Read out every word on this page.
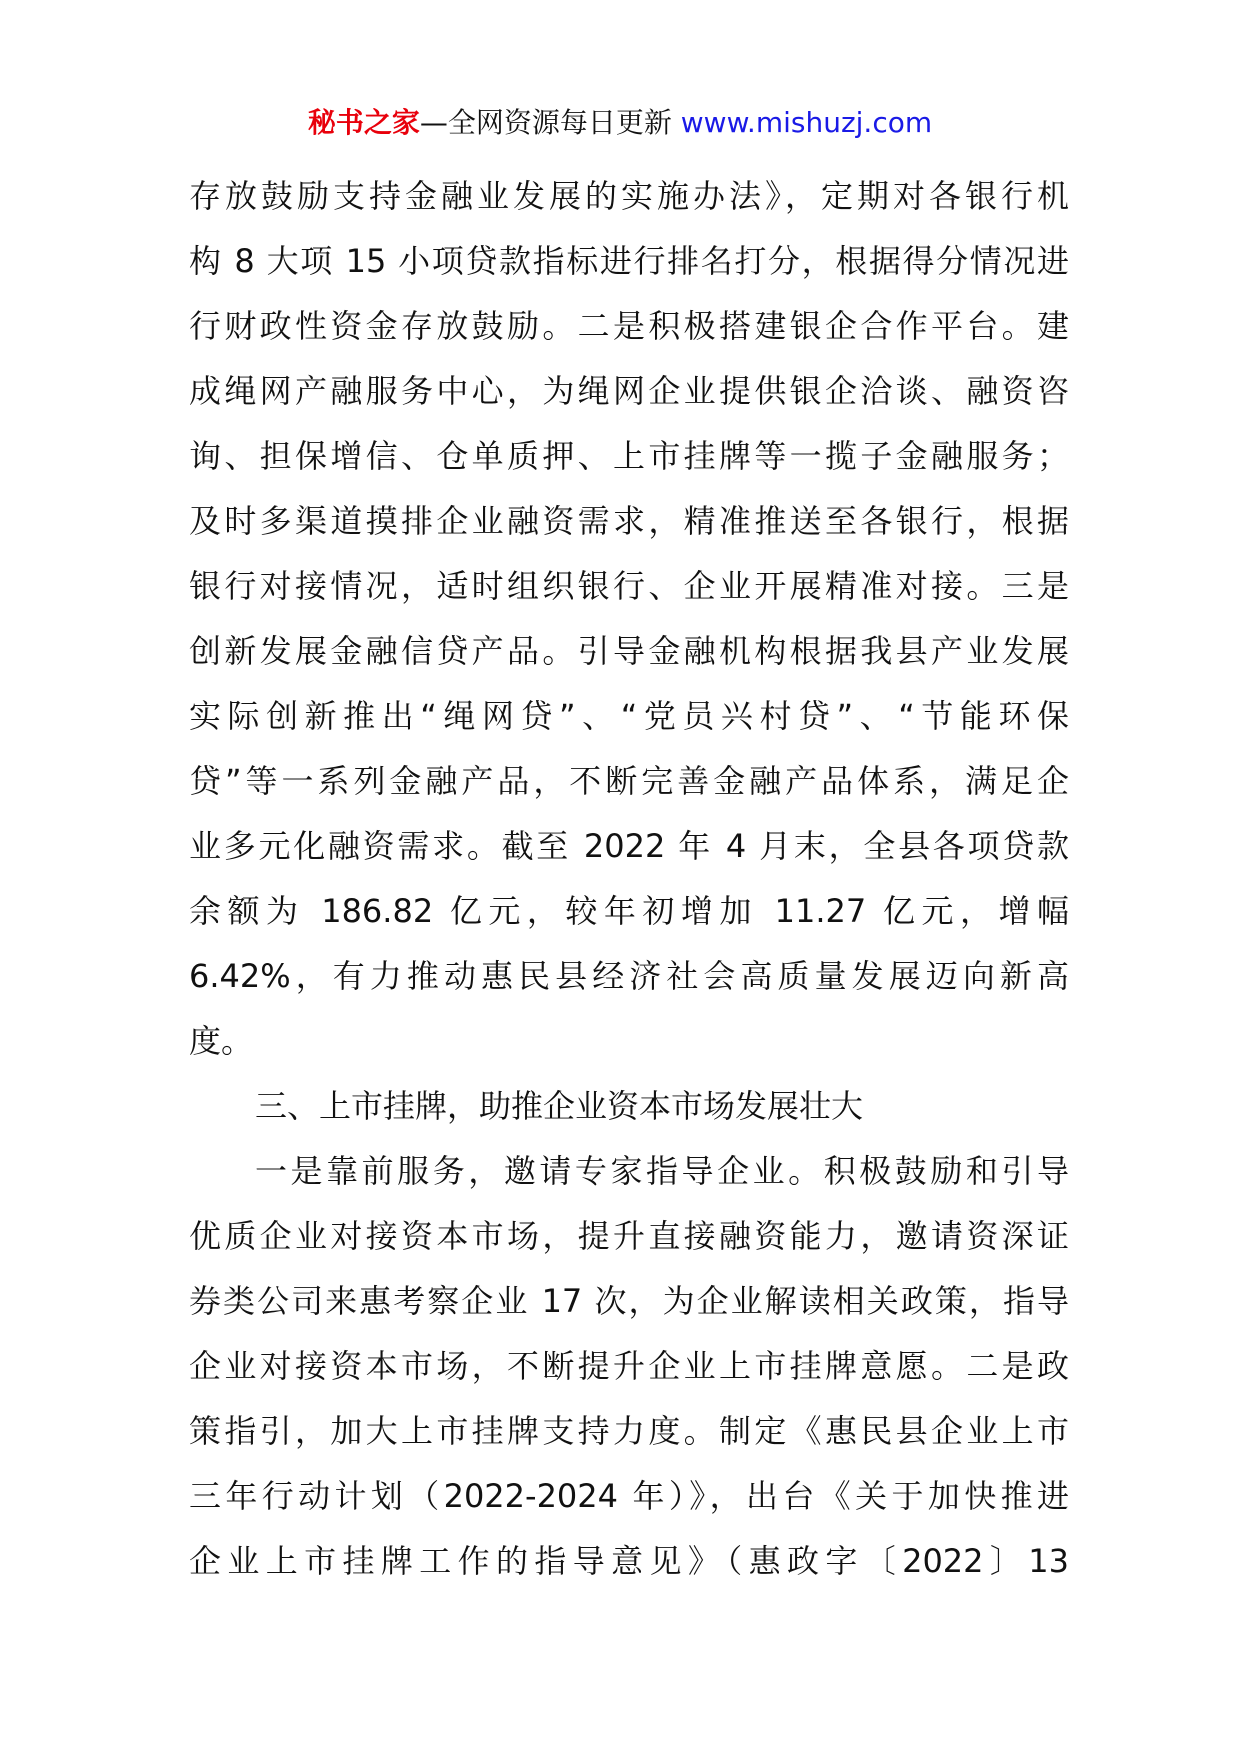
秘书之家—全网资源每日更新 www.mishuzj.com
存放鼓励支持金融业发展的实施办法》，定期对各银行机
构 8 大项 15 小项贷款指标进行排名打分，根据得分情况进
行财政性资金存放鼓励。二是积极搭建银企合作平台。建
成绳网产融服务中心，为绳网企业提供银企洽谈、融资咨
询、担保增信、仓单质押、上市挂牌等一揽子金融服务；
及时多渠道摸排企业融资需求，精准推送至各银行，根据
银行对接情况，适时组织银行、企业开展精准对接。三是
创新发展金融信贷产品。引导金融机构根据我县产业发展
实际创新推出“绳网贷”、“党员兴村贷”、“节能环保
贷”等一系列金融产品，不断完善金融产品体系，满足企
业多元化融资需求。截至 2022 年 4 月末，全县各项贷款
余额为 186.82 亿元，较年初增加 11.27 亿元，增幅
6.42%，有力推动惠民县经济社会高质量发展迈向新高
度。
三、上市挂牌，助推企业资本市场发展壮大
一是靠前服务，邀请专家指导企业。积极鼓励和引导
优质企业对接资本市场，提升直接融资能力，邀请资深证
券类公司来惠考察企业 17 次，为企业解读相关政策，指导
企业对接资本市场，不断提升企业上市挂牌意愿。二是政
策指引，加大上市挂牌支持力度。制定《惠民县企业上市
三年行动计划（2022-2024 年）》，出台《关于加快推进
企业上市挂牌工作的指导意见》（惠政字〔2022〕13
